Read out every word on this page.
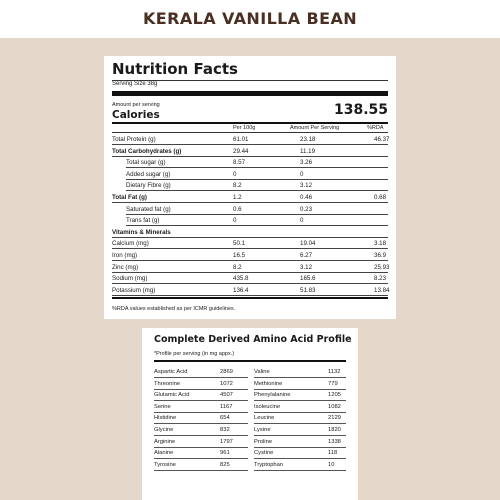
KERALA VANILLA BEAN
Nutrition Facts
Serving Size 38g
Amount per serving
Calories	138.55
Per 100g	Amount Per Serving	%RDA
Total Protein (g)	61.01	23.18	46.37
Total Carbohydrates (g)	29.44	11.19
Total sugar (g)	8.57	3.26
Added sugar (g)	0	0
Dietary Fibre (g)	8.2	3.12
Total Fat (g)	1.2	0.46	0.68
Saturated fat (g)	0.6	0.23
Trans fat (g)	0	0
Vitamins & Minerals
Calcium (mg)	50.1	19.04	3.18
Iron (mg)	16.5	6.27	36.9
Zinc (mg)	8.2	3.12	25.93
Sodium (mg)	435.8	165.6	8.23
Potassium (mg)	136.4	51.83	13.84
%RDA values established as per ICMR guidelines.
Complete Derived Amino Acid Profile
*Profile per serving (in mg appx.)
Aspartic Acid	2869
Threonine	1072
Glutamic Acid	4507
Serine	1167
Histidine	654
Glycine	832
Arginine	1797
Alanine	961
Tyrosine	825
Valine	1132
Methionine	779
Phenylalanine	1205
Isoleucine	1082
Leucine	2129
Lysine	1820
Proline	1338
Cystine	118
Tryptophan	10
